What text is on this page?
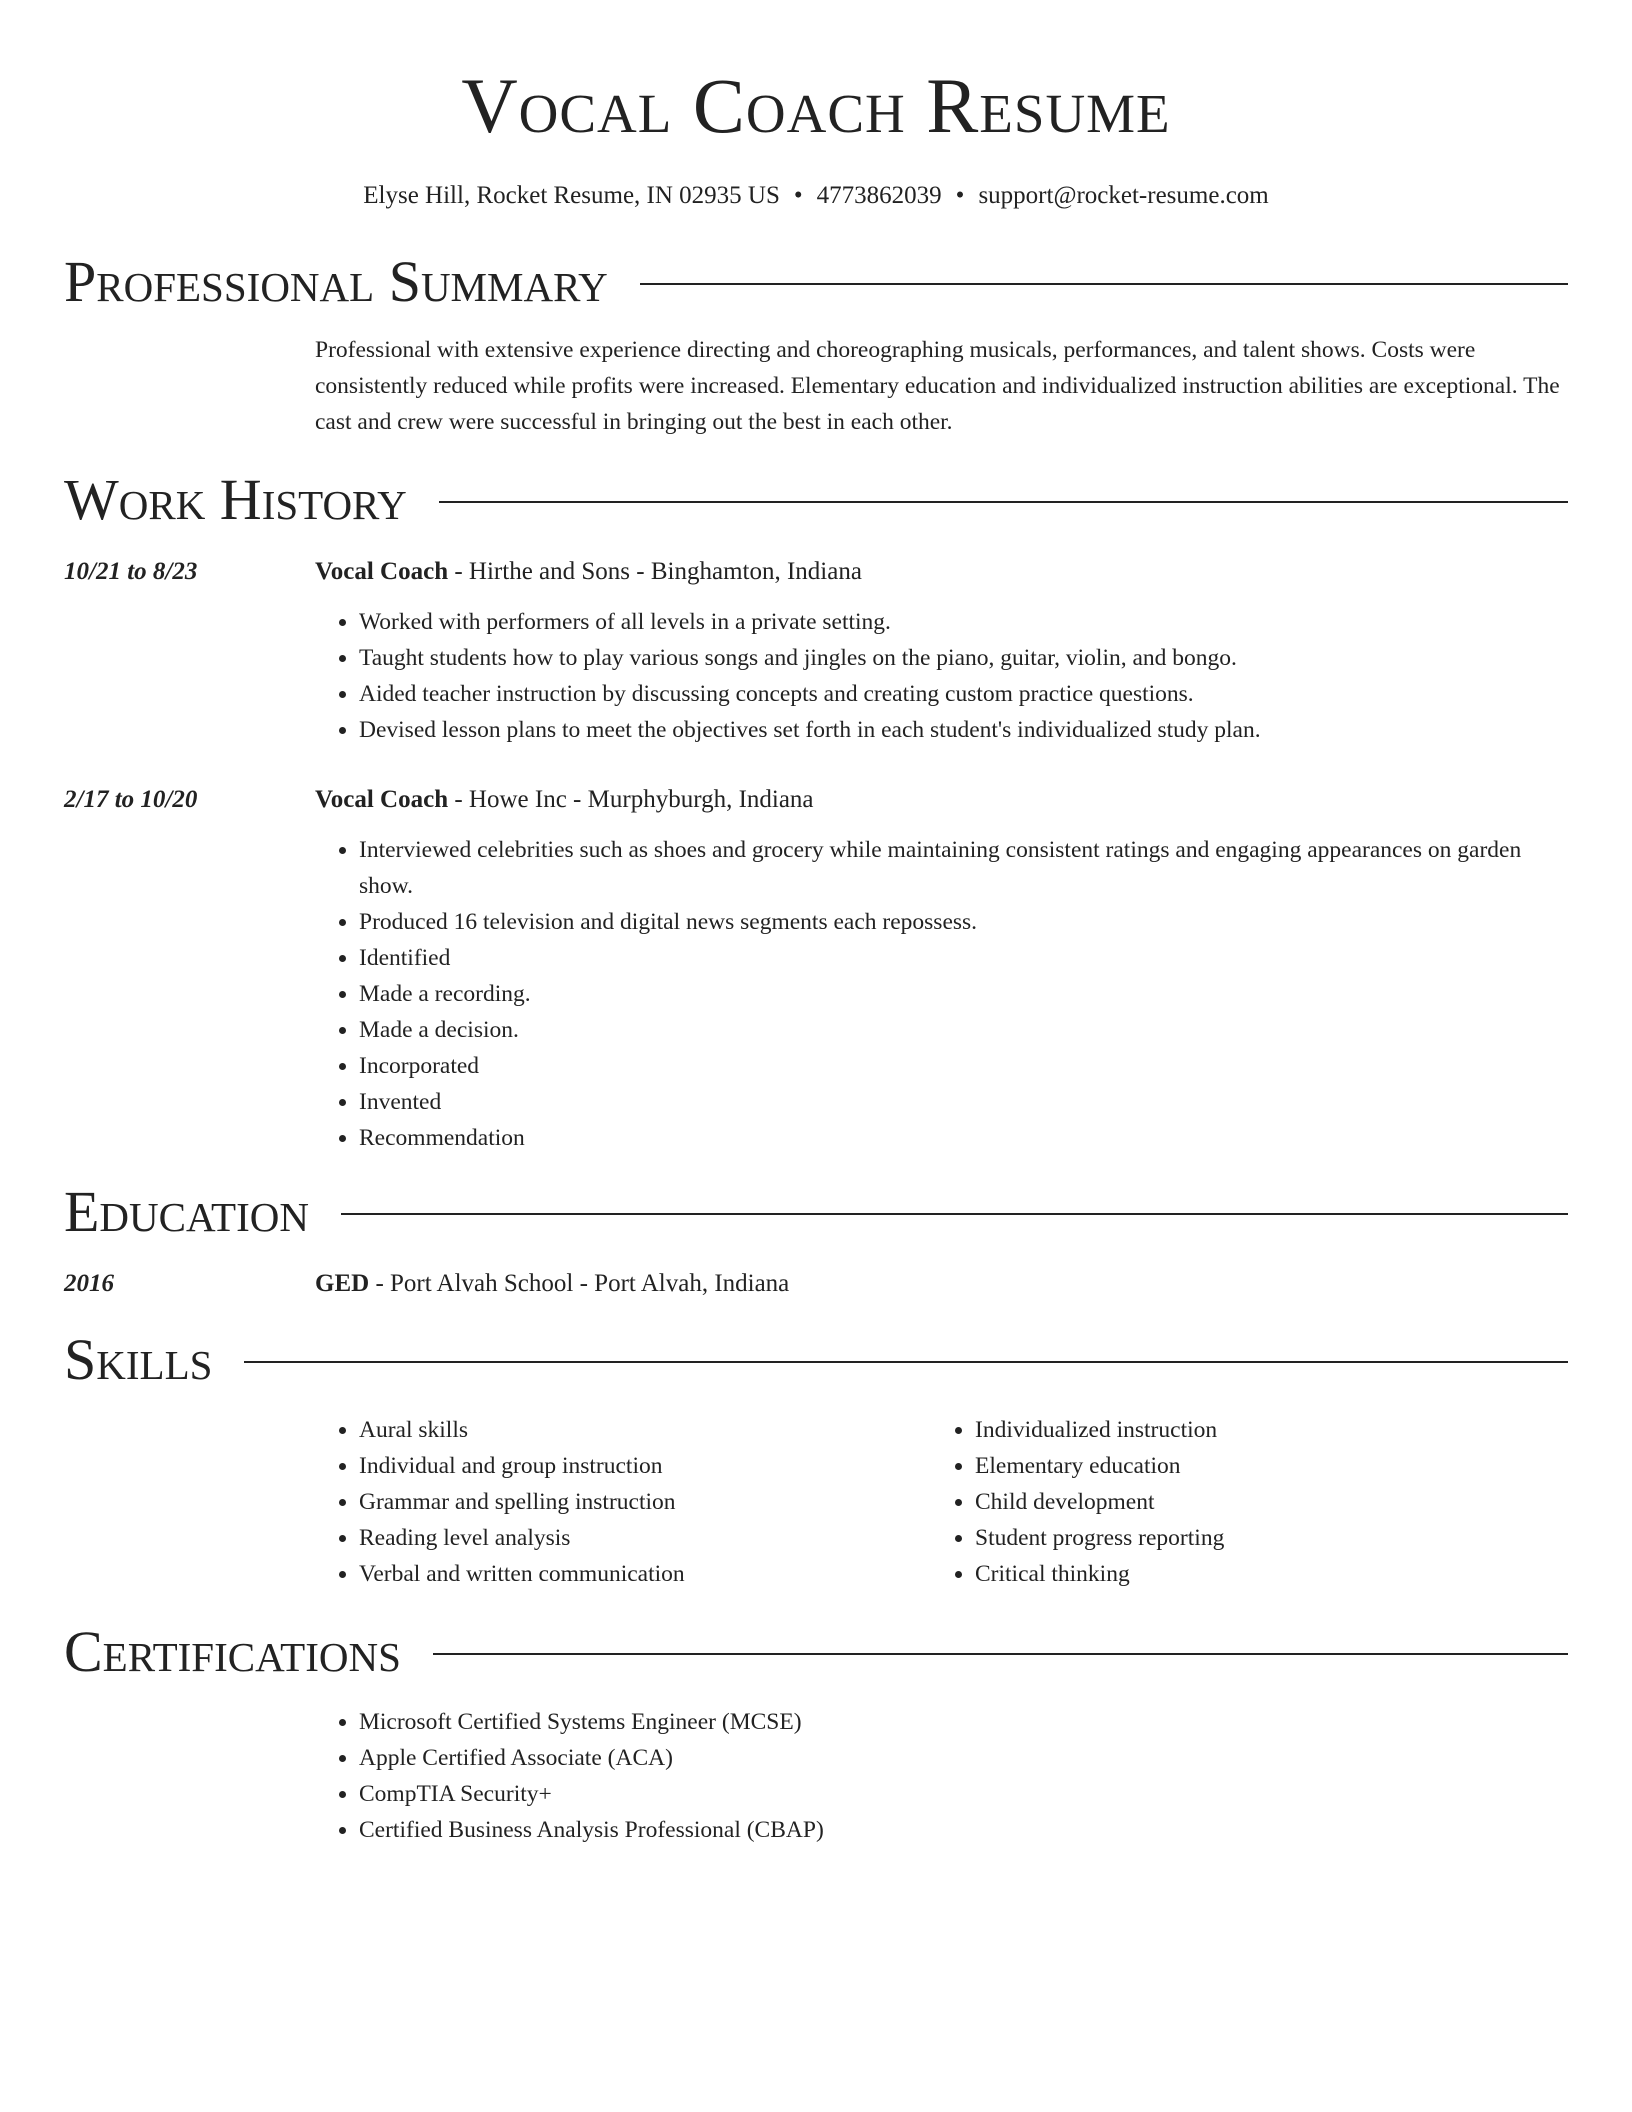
Vocal Coach Resume
Elyse Hill, Rocket Resume, IN 02935 US • 4773862039 • support@rocket-resume.com
Professional Summary

Professional with extensive experience directing and choreographing musicals, performances, and talent shows. Costs were consistently reduced while profits were increased. Elementary education and individualized instruction abilities are exceptional. The cast and crew were successful in bringing out the best in each other.

Work History
10/21 to 8/23	Vocal Coach - Hirthe and Sons - Binghamton, Indiana
• Worked with performers of all levels in a private setting.
• Taught students how to play various songs and jingles on the piano, guitar, violin, and bongo.
• Aided teacher instruction by discussing concepts and creating custom practice questions.
• Devised lesson plans to meet the objectives set forth in each student's individualized study plan.
2/17 to 10/20	Vocal Coach - Howe Inc - Murphyburgh, Indiana
• Interviewed celebrities such as shoes and grocery while maintaining consistent ratings and engaging appearances on garden show.
• Produced 16 television and digital news segments each repossess.
• Identified
• Made a recording.
• Made a decision.
• Incorporated
• Invented
• Recommendation
Education
2016	GED - Port Alvah School - Port Alvah, Indiana
Skills
• Aural skills
• Individual and group instruction
• Grammar and spelling instruction
• Reading level analysis
• Verbal and written communication
• Individualized instruction
• Elementary education
• Child development
• Student progress reporting
• Critical thinking
Certifications
• Microsoft Certified Systems Engineer (MCSE)
• Apple Certified Associate (ACA)
• CompTIA Security+
• Certified Business Analysis Professional (CBAP)
